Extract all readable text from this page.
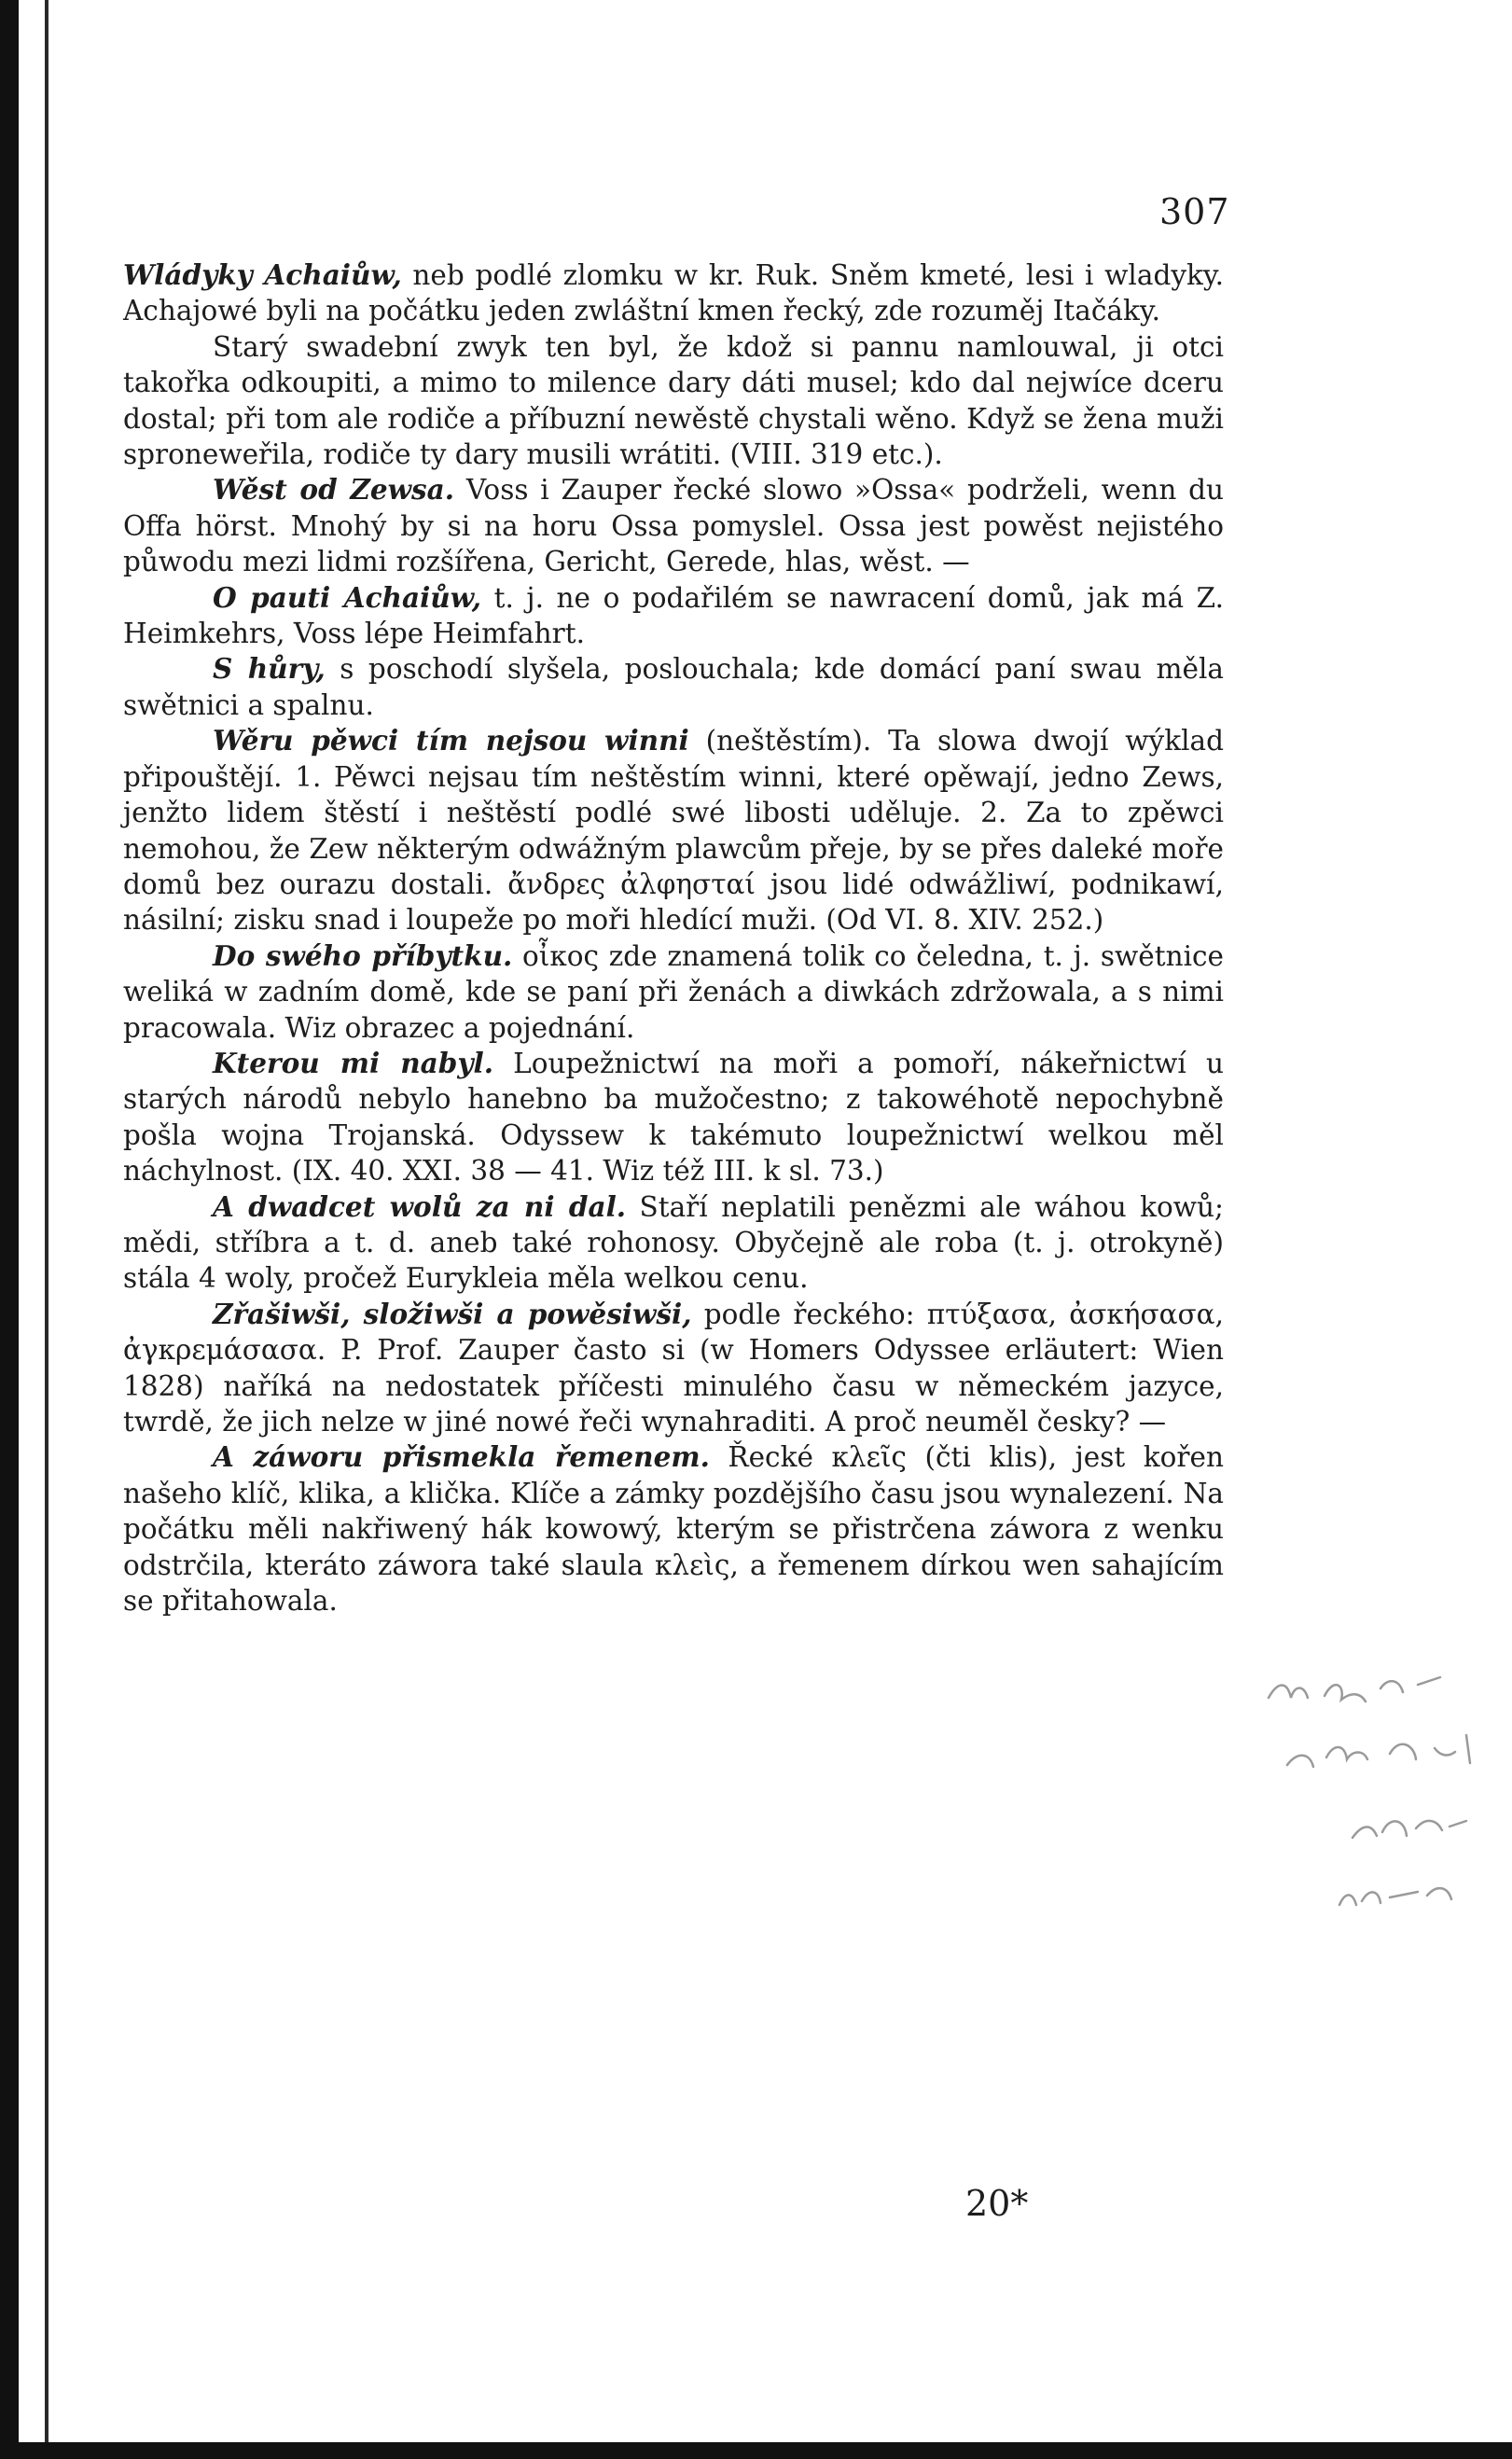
307

Wládyky Achaiůw, neb podlé zlomku w kr. Ruk. Sněm kmeté, lesi i wladyky. Achajowé byli na počátku jeden zwláštní kmen řecký, zde rozuměj Itačáky.

Starý swadební zwyk ten byl, že kdož si pannu namlouwal, ji otci takořka odkoupiti, a mimo to milence dary dáti musel; kdo dal nejwíce dceru dostal; při tom ale rodiče a příbuzní newěstě chystali wěno. Když se žena muži sproneweřila, rodiče ty dary musili wrátiti. (VIII. 319 etc.).

Wěst od Zewsa. Voss i Zauper řecké slowo »Ossa« podrželi, wenn du Offa hörst. Mnohý by si na horu Ossa pomyslel. Ossa jest powěst nejistého půwodu mezi lidmi rozšířena, Gericht, Gerede, hlas, wěst. —

O pauti Achaiůw, t. j. ne o podařilém se nawracení domů, jak má Z. Heimkehrs, Voss lépe Heimfahrt.

S hůry, s poschodí slyšela, poslouchala; kde domácí paní swau měla swětnici a spalnu.

Wěru pěwci tím nejsou winni (neštěstím). Ta slowa dwojí wýklad připouštějí. 1. Pěwci nejsau tím neštěstím winni, které opěwají, jedno Zews, jenžto lidem štěstí i neštěstí podlé swé libosti uděluje. 2. Za to zpěwci nemohou, že Zew některým odwážným plawcům přeje, by se přes daleké moře domů bez ourazu dostali. ἄνδρες ἀλφησταί jsou lidé odwážliwí, podnikawí, násilní; zisku snad i loupeže po moři hledící muži. (Od VI. 8. XIV. 252.)

Do swého příbytku. οἶκος zde znamená tolik co čeledna, t. j. swětnice weliká w zadním domě, kde se paní při ženách a diwkách zdržowala, a s nimi pracowala. Wiz obrazec a pojednání.

Kterou mi nabyl. Loupežnictwí na moři a pomoří, nákeřnictwí u starých národů nebylo hanebno ba mužočestno; z takowéhotě nepochybně pošla wojna Trojanská. Odyssew k takémuto loupežnictwí welkou měl náchylnost. (IX. 40. XXI. 38 — 41. Wiz též III. k sl. 73.)

A dwadcet wolů za ni dal. Staří neplatili penězmi ale wáhou kowů; mědi, stříbra a t. d. aneb také rohonosy. Obyčejně ale roba (t. j. otrokyně) stála 4 woly, pročež Eurykleia měla welkou cenu.

Zřašiwši, složiwši a powěsiwši, podle řeckého: πτύξασα, ἀσκήσασα, ἀγκρεμάσασα. P. Prof. Zauper často si (w Homers Odyssee erläutert: Wien 1828) naříká na nedostatek příčesti minulého času w německém jazyce, twrdě, že jich nelze w jiné nowé řeči wynahraditi. A proč neuměl česky? —

A záworu přismekla řemenem. Řecké κλεῖς (čti klis), jest kořen našeho klíč, klika, a klička. Klíče a zámky pozdějšího času jsou wynalezení. Na počátku měli nakřiwený hák kowowý, kterým se přistrčena záwora z wenku odstrčila, kteráto záwora také slaula κλεὶς, a řemenem dírkou wen sahajícím se přitahowala.

20*
